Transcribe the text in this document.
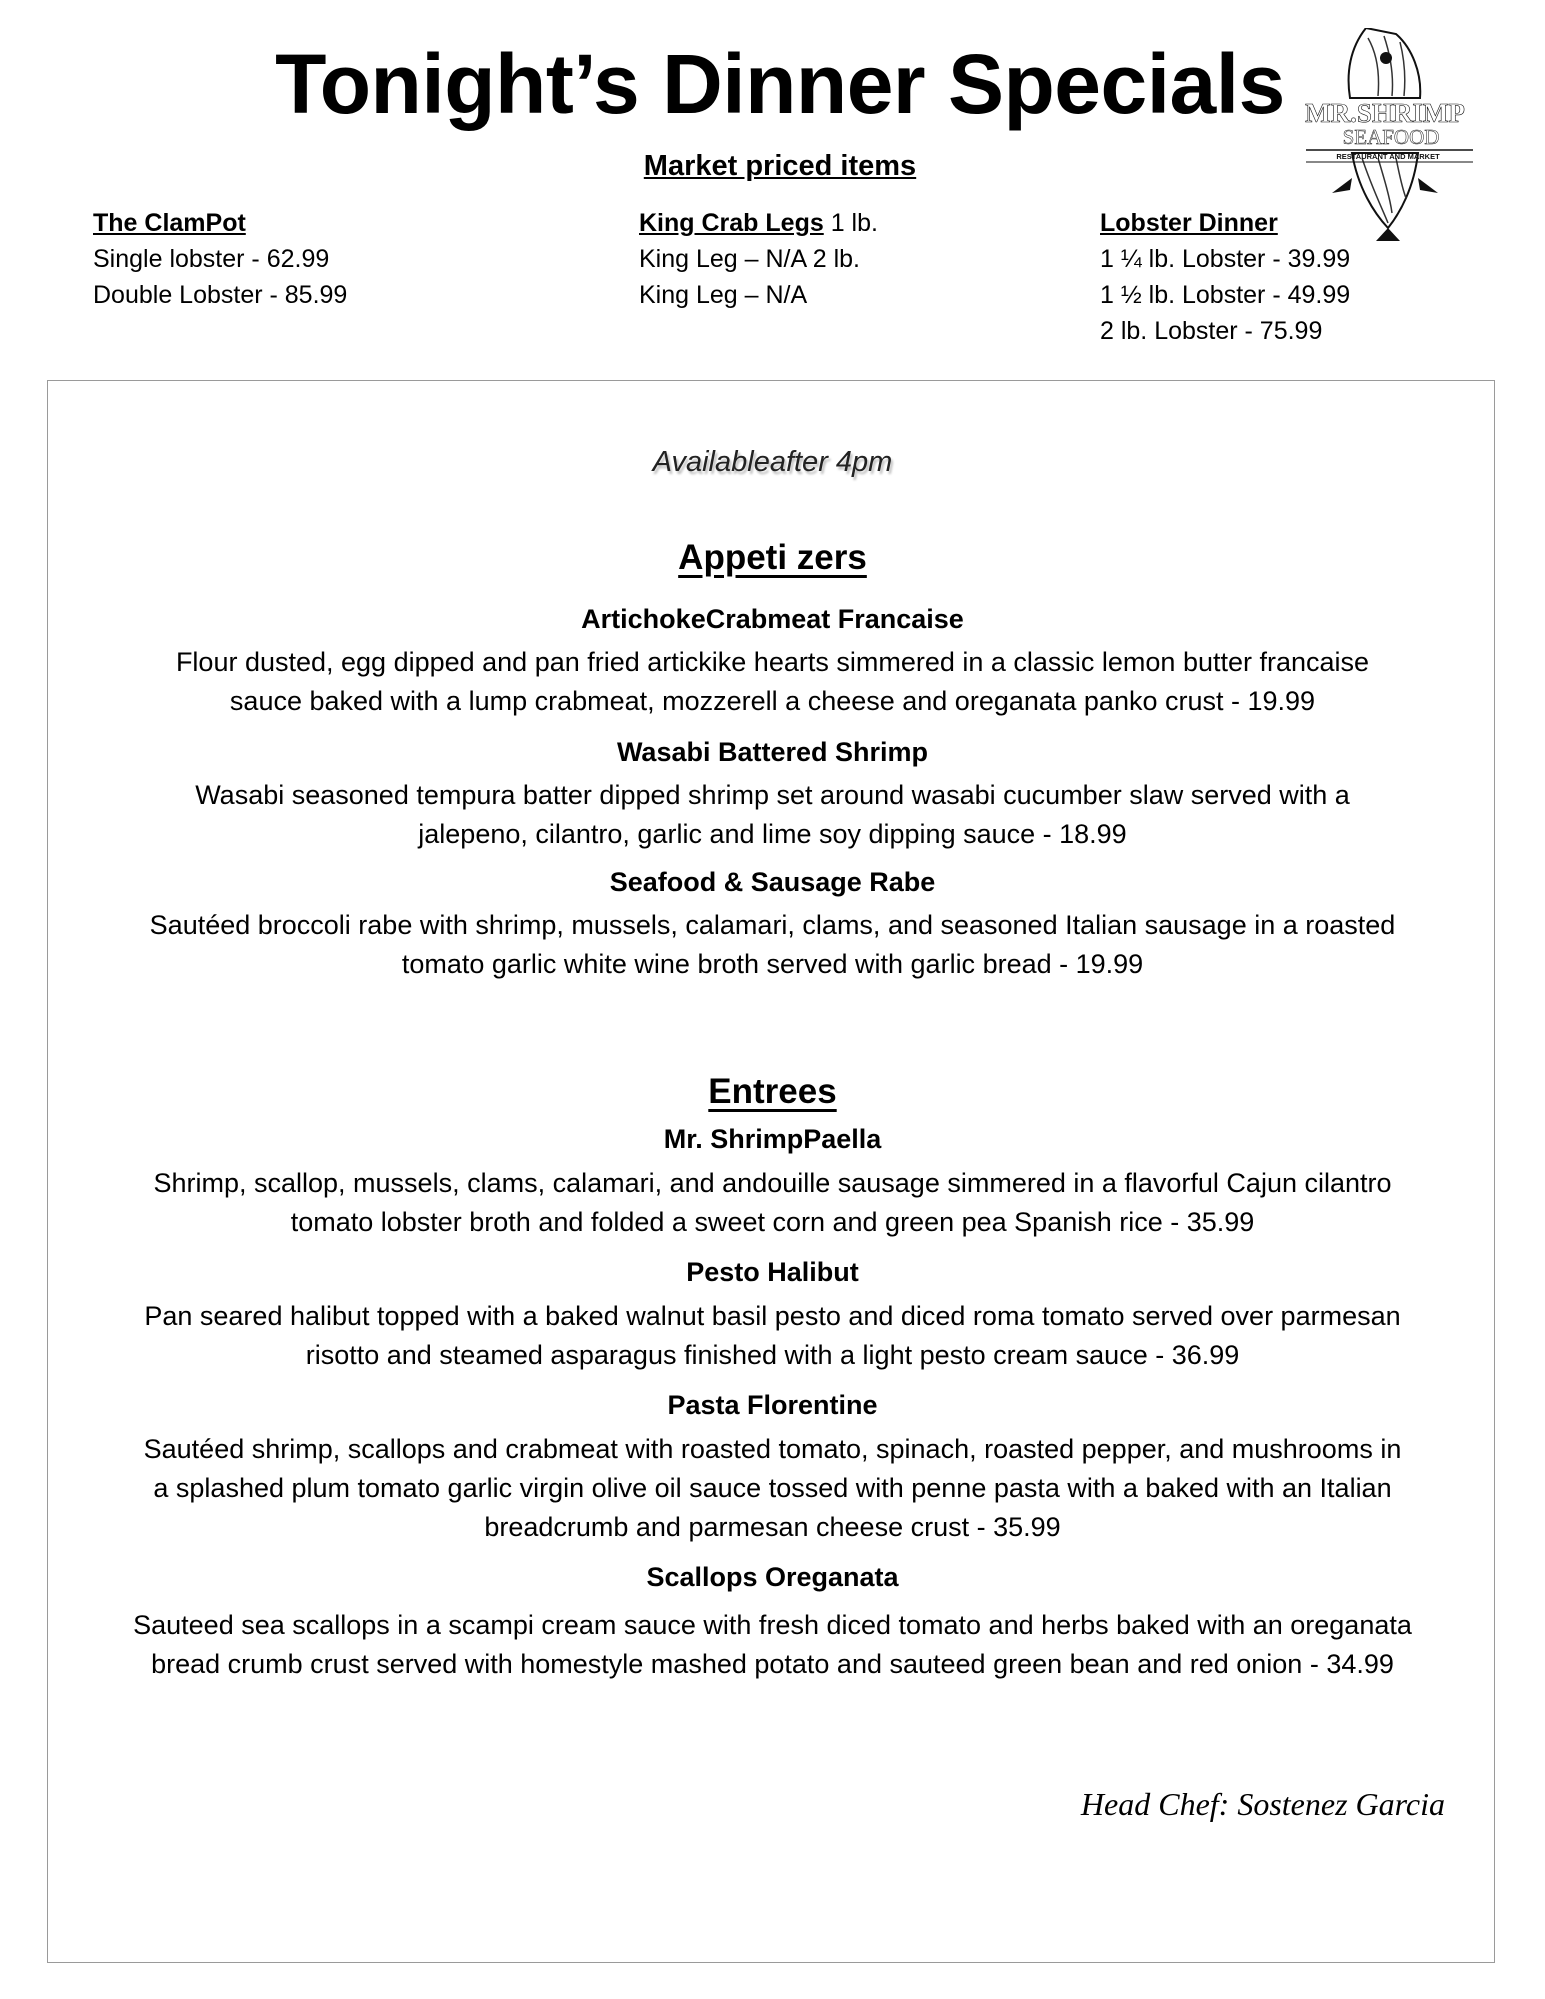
Tonight’s Dinner Specials MR.SHRIMP
SEAFOOD
RESTAURANT AND MARKET
Market priced items
The ClamPot
Single lobster - 62.99
Double Lobster - 85.99
King Crab Legs 1 lb.
King Leg – N/A 2 lb.
King Leg – N/A
Lobster Dinner
1 ¼ lb. Lobster - 39.99
1 ½ lb. Lobster - 49.99
2 lb. Lobster - 75.99
Availableafter 4pm
Appeti zers
ArtichokeCrabmeat Francaise
Flour dusted, egg dipped and pan fried artickike hearts simmered in a classic lemon butter francaise
sauce baked with a lump crabmeat, mozzerell a cheese and oreganata panko crust - 19.99
Wasabi Battered Shrimp
Wasabi seasoned tempura batter dipped shrimp set around wasabi cucumber slaw served with a
jalepeno, cilantro, garlic and lime soy dipping sauce - 18.99
Seafood & Sausage Rabe
Sautéed broccoli rabe with shrimp, mussels, calamari, clams, and seasoned Italian sausage in a roasted
tomato garlic white wine broth served with garlic bread - 19.99
Entrees
Mr. ShrimpPaella
Shrimp, scallop, mussels, clams, calamari, and andouille sausage simmered in a flavorful Cajun cilantro
tomato lobster broth and folded a sweet corn and green pea Spanish rice - 35.99
Pesto Halibut
Pan seared halibut topped with a baked walnut basil pesto and diced roma tomato served over parmesan
risotto and steamed asparagus finished with a light pesto cream sauce - 36.99
Pasta Florentine
Sautéed shrimp, scallops and crabmeat with roasted tomato, spinach, roasted pepper, and mushrooms in
a splashed plum tomato garlic virgin olive oil sauce tossed with penne pasta with a baked with an Italian
breadcrumb and parmesan cheese crust - 35.99
Scallops Oreganata
Sauteed sea scallops in a scampi cream sauce with fresh diced tomato and herbs baked with an oreganata
bread crumb crust served with homestyle mashed potato and sauteed green bean and red onion - 34.99
Head Chef: Sostenez Garcia
